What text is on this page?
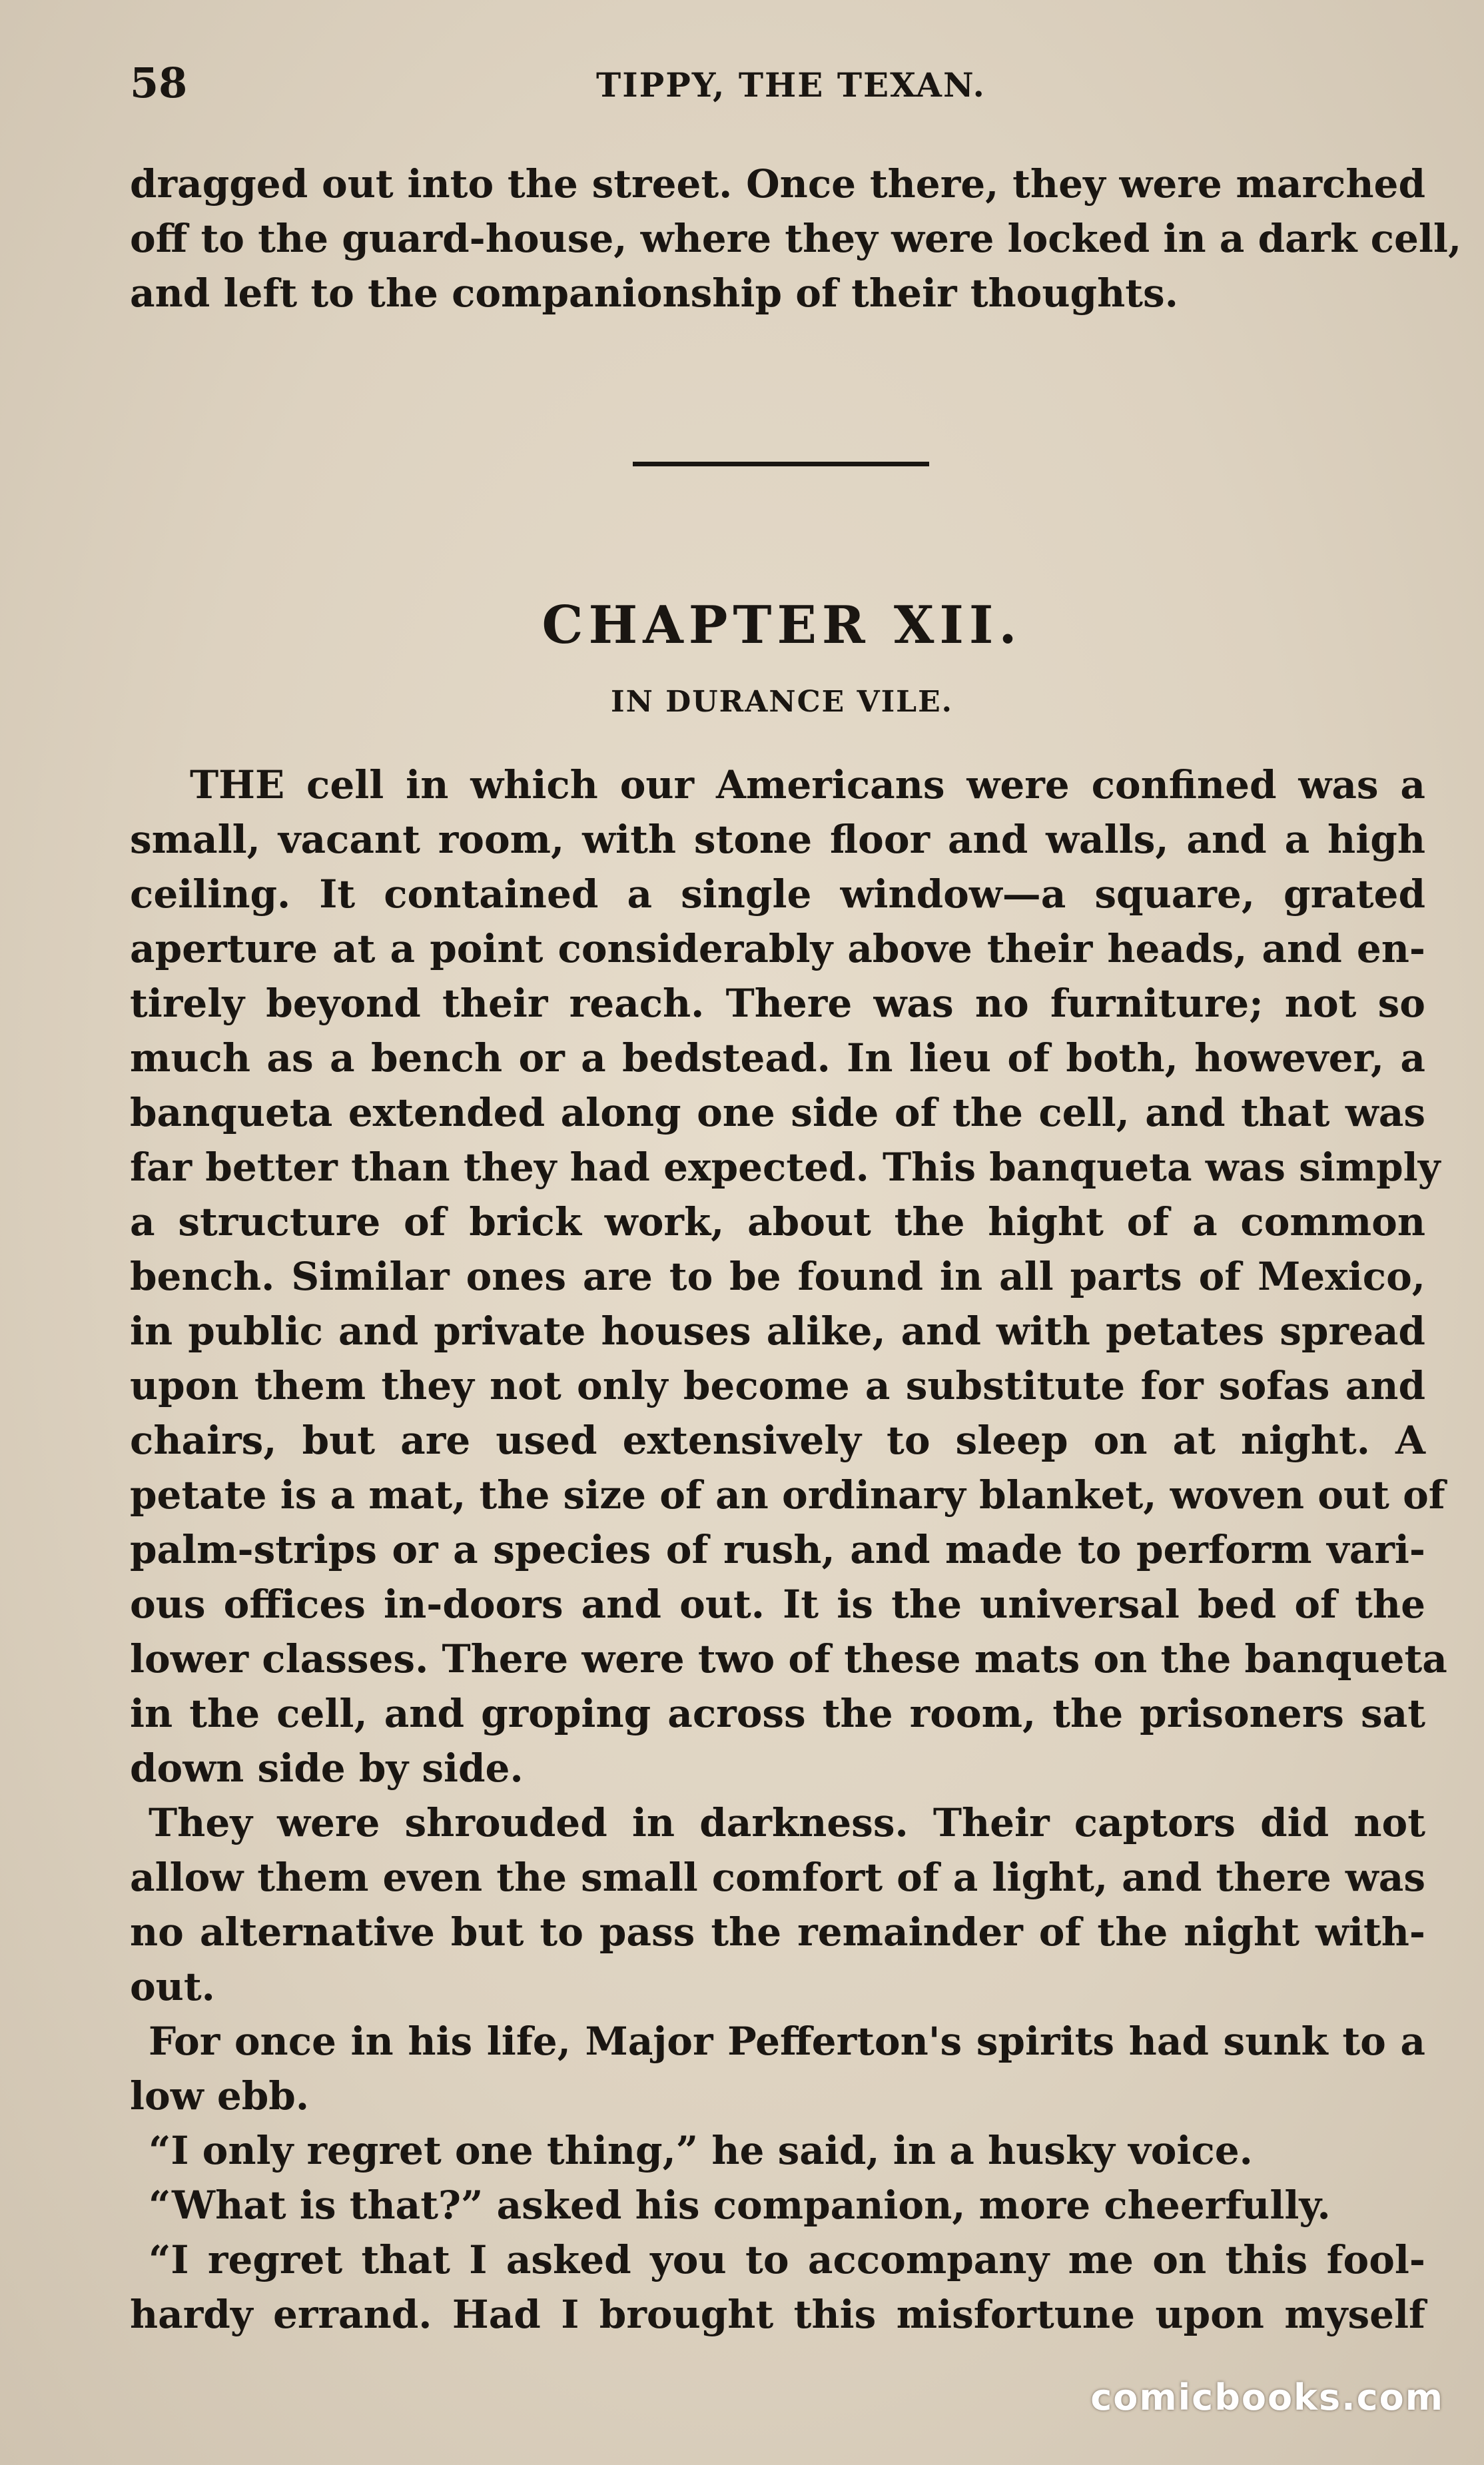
58	TIPPY, THE TEXAN.
dragged out into the street. Once there, they were marched
off to the guard-house, where they were locked in a dark cell,
and left to the companionship of their thoughts.
CHAPTER XII.
IN DURANCE VILE.
THE cell in which our Americans were confined was a
small, vacant room, with stone floor and walls, and a high
ceiling. It contained a single window—a square, grated
aperture at a point considerably above their heads, and en-
tirely beyond their reach. There was no furniture; not so
much as a bench or a bedstead. In lieu of both, however, a
banqueta extended along one side of the cell, and that was
far better than they had expected. This banqueta was simply
a structure of brick work, about the hight of a common
bench. Similar ones are to be found in all parts of Mexico,
in public and private houses alike, and with petates spread
upon them they not only become a substitute for sofas and
chairs, but are used extensively to sleep on at night. A
petate is a mat, the size of an ordinary blanket, woven out of
palm-strips or a species of rush, and made to perform vari-
ous offices in-doors and out. It is the universal bed of the
lower classes. There were two of these mats on the banqueta
in the cell, and groping across the room, the prisoners sat
down side by side.
They were shrouded in darkness. Their captors did not
allow them even the small comfort of a light, and there was
no alternative but to pass the remainder of the night with-
out.
For once in his life, Major Pefferton's spirits had sunk to a
low ebb.
“I only regret one thing,” he said, in a husky voice.
“What is that?” asked his companion, more cheerfully.
“I regret that I asked you to accompany me on this fool-
hardy errand. Had I brought this misfortune upon myself
comicbooks.com
